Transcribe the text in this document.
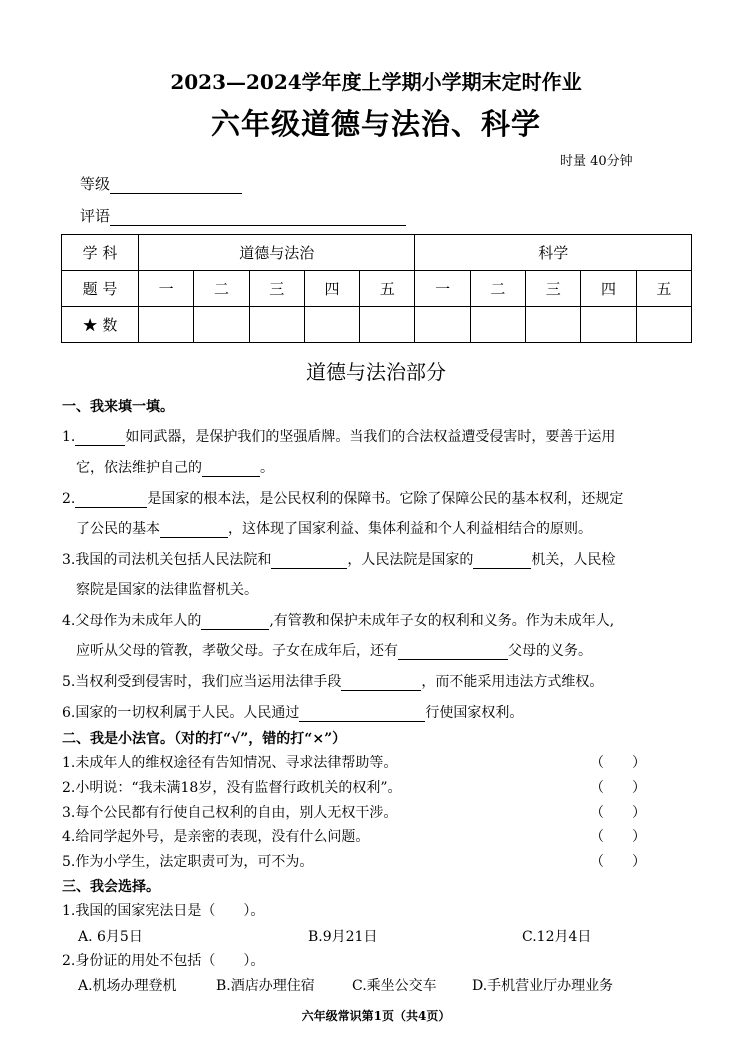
2023—2024学年度上学期小学期末定时作业
六年级道德与法治、科学
时量 40分钟
等级
评语
学 科	道德与法治					科学				
题 号	一	二	三	四	五	一	二	三	四	五
★ 数										
道德与法治部分
一、我来填一填。
1.	如同武器，是保护我们的坚强盾牌。当我们的合法权益遭受侵害时，要善于运用
它，依法维护自己的	。
2.	是国家的根本法，是公民权利的保障书。它除了保障公民的基本权利，还规定
了公民的基本	，这体现了国家利益、集体利益和个人利益相结合的原则。
3.我国的司法机关包括人民法院和	，人民法院是国家的	机关，人民检
察院是国家的法律监督机关。
4.父母作为未成年人的	,有管教和保护未成年子女的权利和义务。作为未成年人,
应听从父母的管教，孝敬父母。子女在成年后，还有	父母的义务。
5.当权利受到侵害时，我们应当运用法律手段	，而不能采用违法方式维权。
6.国家的一切权利属于人民。人民通过	行使国家权利。
二、我是小法官。（对的打“√”，错的打“×”）
1.未成年人的维权途径有告知情况、寻求法律帮助等。	（　　）
2.小明说：“我未满18岁，没有监督行政机关的权利”。	（　　）
3.每个公民都有行使自己权利的自由，别人无权干涉。	（　　）
4.给同学起外号，是亲密的表现，没有什么问题。	（　　）
5.作为小学生，法定职责可为，可不为。	（　　）
三、我会选择。
1.我国的国家宪法日是（　　）。
A. 6月5日	B.9月21日	C.12月4日
2.身份证的用处不包括（　　）。
A.机场办理登机	B.酒店办理住宿	C.乘坐公交车	D.手机营业厅办理业务
六年级常识第1页（共4页）
